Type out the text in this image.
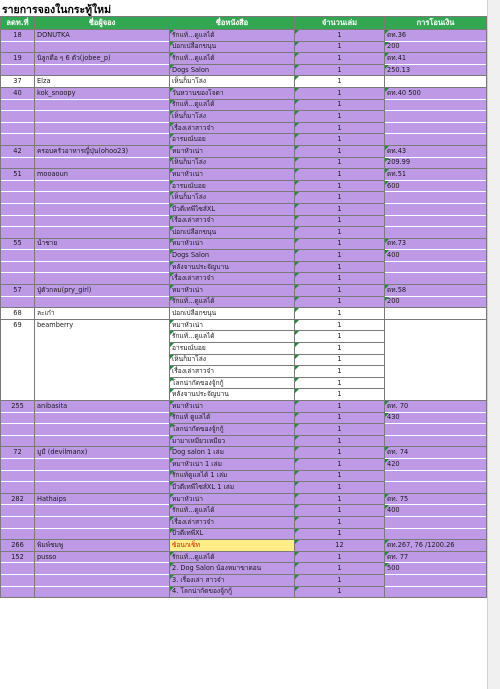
รายการจองในกระทู้ใหม่
ลดท.ที่	ชื่อผู้จอง	ชื่อหนังสือ	จำนวนเล่ม	การโอนเงิน
18	DONUTKA	รักแท้...ดูแลได้	1	ดท.36
		ปอกเปลือกขนุน	1	200
19	นิลูกดือ ๆ 6 ตัว(jobee_p)	รักแท้...ดูแลได้	1	ดท.41
		Dogs Salon	1	250.13
37	Elza	เห็นก็มาโล่ง	1	
40	kok_snoopy	วันหวานของโจตา	1	ดท.40 500
		รักแท้...ดูแลได้	1	
		เห็นก็มาโล่ง	1	
		เรื่องเล่าสาวจ๋า	1	
		อารมณ์บอย	1	
42	ครอบครัวอาหารญี่ปุ่น(ohoo23)	หมาหัวเน่า	1	ดท.43
		เห็นก็มาโล่ง	1	209.99
51	mooaoun	หมาหัวเน่า	1	ดท.51
		อารมณ์บอย	1	600
		เห็นก็มาโล่ง	1	
		บีวดีเทพีไซส์XL	1	
		เรื่องเล่าสาวจ๋า	1	
		ปอกเปลือกขนุน	1	
55	น้ำชาย	หมาหัวเน่า	1	ดท.73
		Dogs Salon	1	400
		หลังจานประจัญบาน	1	
		เรื่องเล่าสาวจ๋า	1	
57	ปู่ตัวกลม(pry_girl)	หมาหัวเน่า	1	ดท.58
		รักแท้...ดูแลได้	1	200
68	ละเก๋า	ปอกเปลือกขนุน	1	
69	beamberry	หมาหัวเน่า	1	
		รักแท้...ดูแลได้	1	
		อารมณ์บอย	1	
		เห็นก็มาโล่ง	1	
		เรื่องเล่าสาวจ๋า	1	
		โลกน่ากัดของจู้กกู้	1	
		หลังจานประจัญบาน	1	
255	anibasita	หมาหัวเน่า	1	ดท. 70
		รักแท้ ดูแลได้	1	430
		โลกน่ากัดของจู้กกู้	1	
		มามาเหมียวเหมียว	1	
72	มูมี (devilmanx)	Dog salon 1 เล่ม	1	ดท. 74
		หมาหัวเน่า 1 เล่ม	1	420
		รักแท้ดูแลได้ 1 เล่ม	1	
		บีวดีเทพีไซส์XL 1 เล่ม	1	
282	Hathaips	หมาหัวเน่า	1	ดท. 75
		รักแท้...ดูแลได้	1	400
		เรื่องเล่าสาวจ๋า	1	
		บีวดีเทพีXL	1	
266	พิมพ์ชมพู	ซ้อนกเซ็ท	12	ดท.267, 76 /1200.26
152	pusso	รักแท้...ดูแลได้	1	ดท. 77
		2. Dog Salon น้องหมาขาดอน	1	500
		3. เรื่องเล่า สาวจ๋า	1	
		4. โลกน่ากัดของจู้กกู้	1	
